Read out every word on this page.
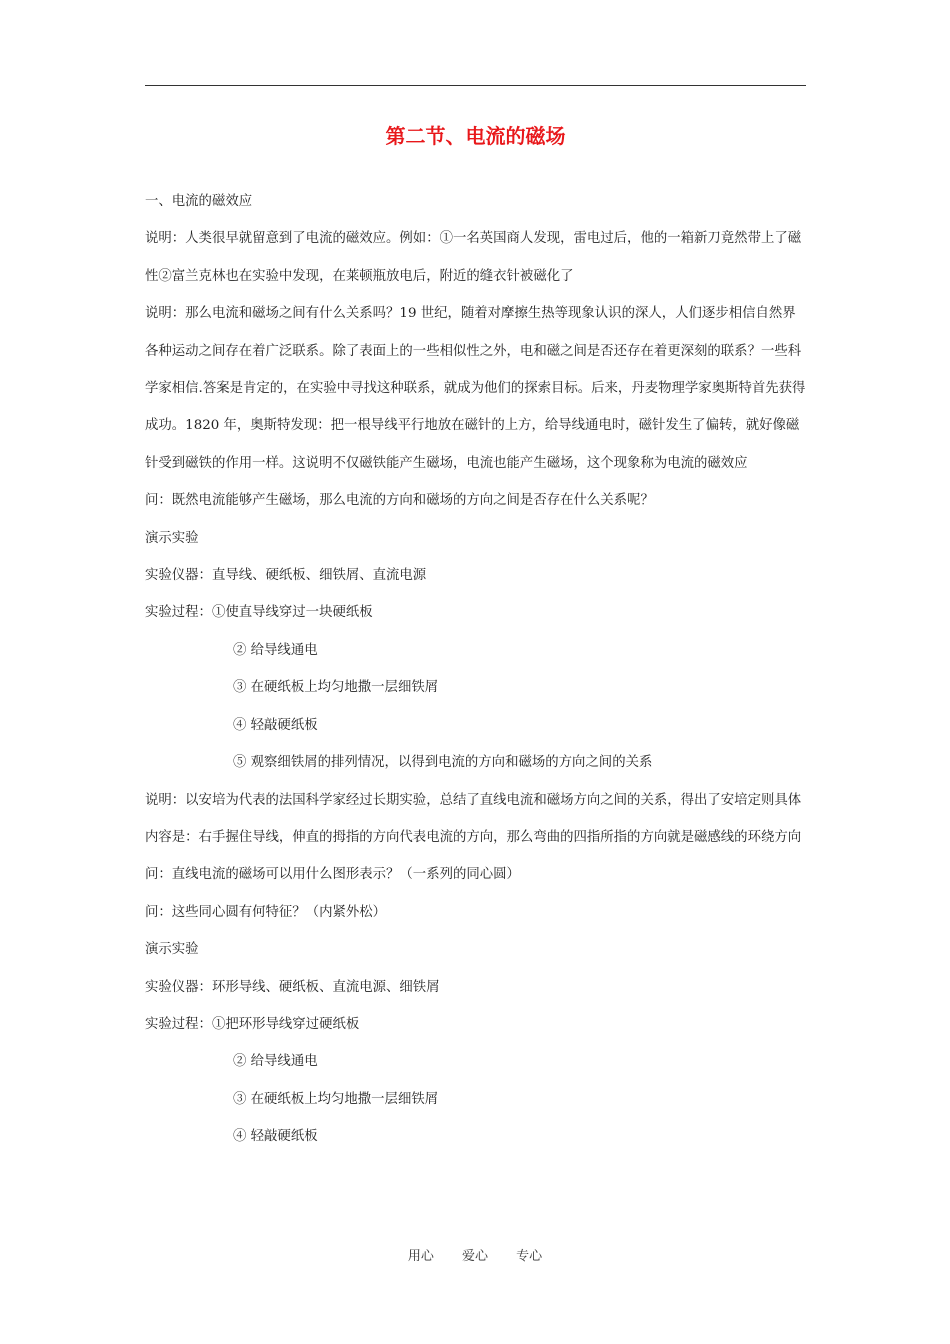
第二节、电流的磁场

一、电流的磁效应

说明：人类很早就留意到了电流的磁效应。例如：①一名英国商人发现，雷电过后，他的一箱新刀竟然带上了磁性②富兰克林也在实验中发现，在莱顿瓶放电后，附近的缝衣针被磁化了

说明：那么电流和磁场之间有什么关系吗？19 世纪，随着对摩擦生热等现象认识的深人，人们逐步相信自然界各种运动之间存在着广泛联系。除了表面上的一些相似性之外，电和磁之间是否还存在着更深刻的联系？一些科学家相信.答案是肯定的，在实验中寻找这种联系，就成为他们的探索目标。后来，丹麦物理学家奥斯特首先获得成功。1820 年，奥斯特发现：把一根导线平行地放在磁针的上方，给导线通电时，磁针发生了偏转，就好像磁针受到磁铁的作用一样。这说明不仅磁铁能产生磁场，电流也能产生磁场，这个现象称为电流的磁效应

问：既然电流能够产生磁场，那么电流的方向和磁场的方向之间是否存在什么关系呢？

演示实验

实验仪器：直导线、硬纸板、细铁屑、直流电源

实验过程：①使直导线穿过一块硬纸板

② 给导线通电

③ 在硬纸板上均匀地撒一层细铁屑

④ 轻敲硬纸板

⑤ 观察细铁屑的排列情况，以得到电流的方向和磁场的方向之间的关系

说明：以安培为代表的法国科学家经过长期实验，总结了直线电流和磁场方向之间的关系，得出了安培定则具体内容是：右手握住导线，伸直的拇指的方向代表电流的方向，那么弯曲的四指所指的方向就是磁感线的环绕方向

问：直线电流的磁场可以用什么图形表示？（一系列的同心圆）

问：这些同心圆有何特征？（内紧外松）

演示实验

实验仪器：环形导线、硬纸板、直流电源、细铁屑

实验过程：①把环形导线穿过硬纸板

② 给导线通电

③ 在硬纸板上均匀地撒一层细铁屑

④ 轻敲硬纸板

用心 爱心 专心
